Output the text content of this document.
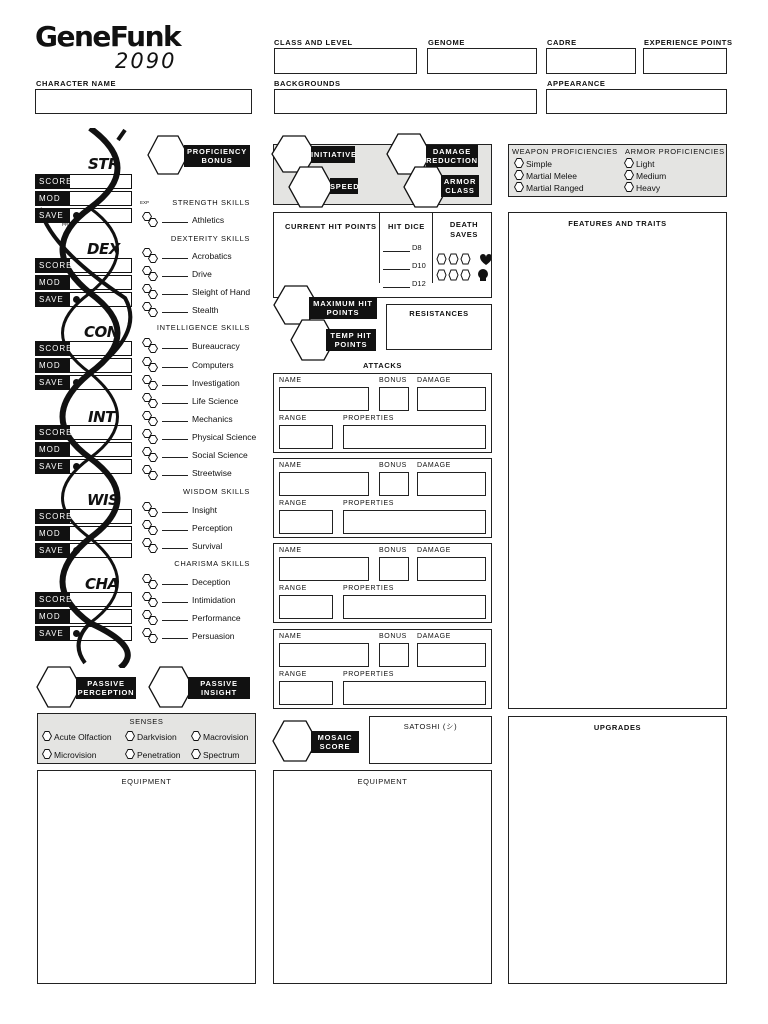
GeneFunk
2090
CLASS AND LEVEL	GENOME	CADRE	EXPERIENCE POINTS
CHARACTER NAME	BACKGROUNDS	APPEARANCE
STR
DEX
CON
INT
WIS
CHA
SCORE
MOD
SAVE
SCORE
MOD
SAVE
SCORE
MOD
SAVE
SCORE
MOD
SAVE
SCORE
MOD
SAVE
SCORE
MOD
SAVE
EXP
PROF
PROFICIENCY BONUS
STRENGTH SKILLS
Athletics
DEXTERITY SKILLS
Acrobatics
Drive
Sleight of Hand
Stealth
INTELLIGENCE SKILLS
Bureaucracy
Computers
Investigation
Life Science
Mechanics
Physical Science
Social Science
Streetwise
WISDOM SKILLS
Insight
Perception
Survival
CHARISMA SKILLS
Deception
Intimidation
Performance
Persuasion
INITIATIVE
SPEED
DAMAGE REDUCTION
ARMOR CLASS
CURRENT HIT POINTS HIT DICE	DEATH SAVES
D8
D10
D12
MAXIMUM HIT POINTS
TEMP HIT POINTS
RESISTANCES
ATTACKS
NAME	BONUS DAMAGE
RANGE	PROPERTIES
NAME	BONUS DAMAGE
RANGE	PROPERTIES
NAME	BONUS DAMAGE
RANGE	PROPERTIES
NAME	BONUS DAMAGE
RANGE	PROPERTIES
WEAPON PROFICIENCIES ARMOR PROFICIENCIES
Simple
Martial Melee
Martial Ranged
Light
Medium
Heavy
FEATURES AND TRAITS
UPGRADES
PASSIVE PERCEPTION
PASSIVE INSIGHT
SENSES
Acute Olfaction	Darkvision	Macrovision
Microvision	Penetration	Spectrum
MOSAIC SCORE
SATOSHI (シ)
EQUIPMENT	EQUIPMENT
